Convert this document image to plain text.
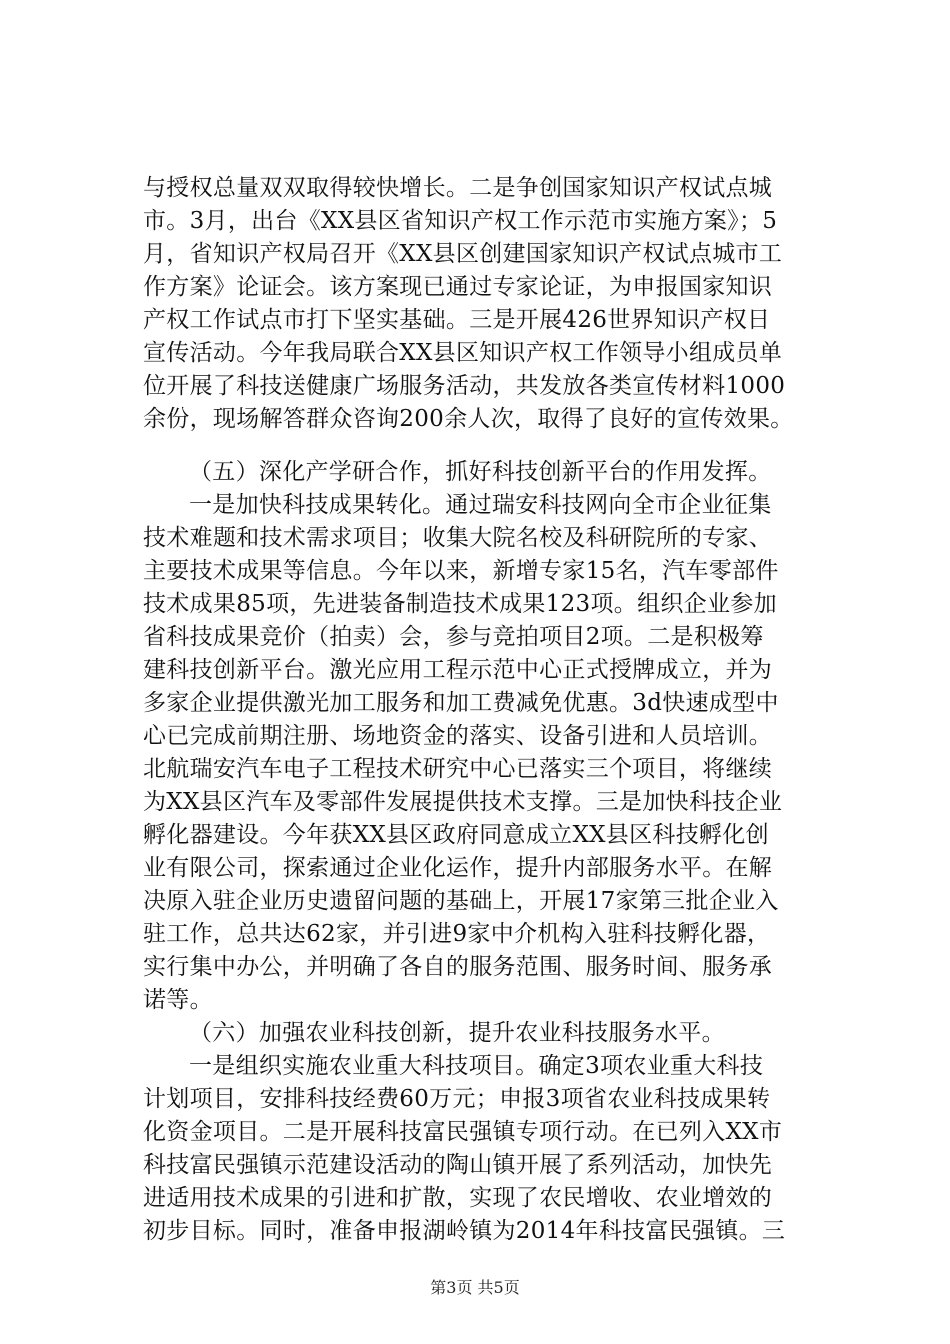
与授权总量双双取得较快增长。二是争创国家知识产权试点城
市。3月，出台《XX县区省知识产权工作示范市实施方案》；5
月，省知识产权局召开《XX县区创建国家知识产权试点城市工
作方案》论证会。该方案现已通过专家论证，为申报国家知识
产权工作试点市打下坚实基础。三是开展426世界知识产权日
宣传活动。今年我局联合XX县区知识产权工作领导小组成员单
位开展了科技送健康广场服务活动，共发放各类宣传材料1000
余份，现场解答群众咨询200余人次，取得了良好的宣传效果。
（五）深化产学研合作，抓好科技创新平台的作用发挥。
一是加快科技成果转化。通过瑞安科技网向全市企业征集
技术难题和技术需求项目；收集大院名校及科研院所的专家、
主要技术成果等信息。今年以来，新增专家15名，汽车零部件
技术成果85项，先进装备制造技术成果123项。组织企业参加
省科技成果竞价（拍卖）会，参与竞拍项目2项。二是积极筹
建科技创新平台。激光应用工程示范中心正式授牌成立，并为
多家企业提供激光加工服务和加工费减免优惠。3d快速成型中
心已完成前期注册、场地资金的落实、设备引进和人员培训。
北航瑞安汽车电子工程技术研究中心已落实三个项目，将继续
为XX县区汽车及零部件发展提供技术支撑。三是加快科技企业
孵化器建设。今年获XX县区政府同意成立XX县区科技孵化创
业有限公司，探索通过企业化运作，提升内部服务水平。在解
决原入驻企业历史遗留问题的基础上，开展17家第三批企业入
驻工作，总共达62家，并引进9家中介机构入驻科技孵化器，
实行集中办公，并明确了各自的服务范围、服务时间、服务承
诺等。
（六）加强农业科技创新，提升农业科技服务水平。
一是组织实施农业重大科技项目。确定3项农业重大科技
计划项目，安排科技经费60万元；申报3项省农业科技成果转
化资金项目。二是开展科技富民强镇专项行动。在已列入XX市
科技富民强镇示范建设活动的陶山镇开展了系列活动，加快先
进适用技术成果的引进和扩散，实现了农民增收、农业增效的
初步目标。同时，准备申报湖岭镇为2014年科技富民强镇。三
第3页 共5页
